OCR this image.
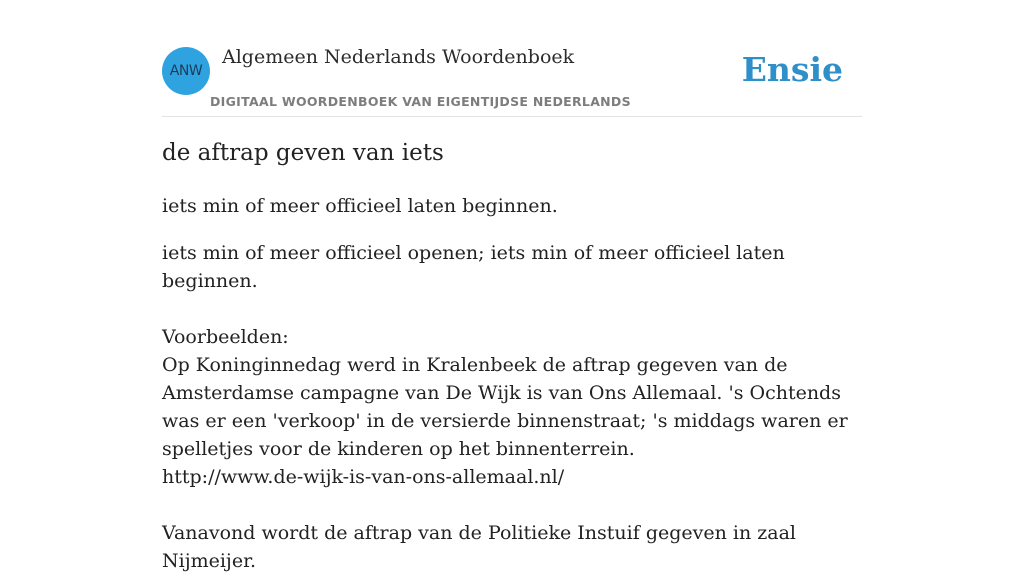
ANW
Algemeen Nederlands Woordenboek
DIGITAAL WOORDENBOEK VAN EIGENTIJDSE NEDERLANDS
Ensie
de aftrap geven van iets
iets min of meer officieel laten beginnen.

iets min of meer officieel openen; iets min of meer officieel laten beginnen.

Voorbeelden:

Op Koninginnedag werd in Kralenbeek de aftrap gegeven van de Amsterdamse campagne van De Wijk is van Ons Allemaal. 's Ochtends was er een 'verkoop' in de versierde binnenstraat; 's middags waren er spelletjes voor de kinderen op het binnenterrein.

http://www.de-wijk-is-van-ons-allemaal.nl/

Vanavond wordt de aftrap van de Politieke Instuif gegeven in zaal Nijmeijer.
